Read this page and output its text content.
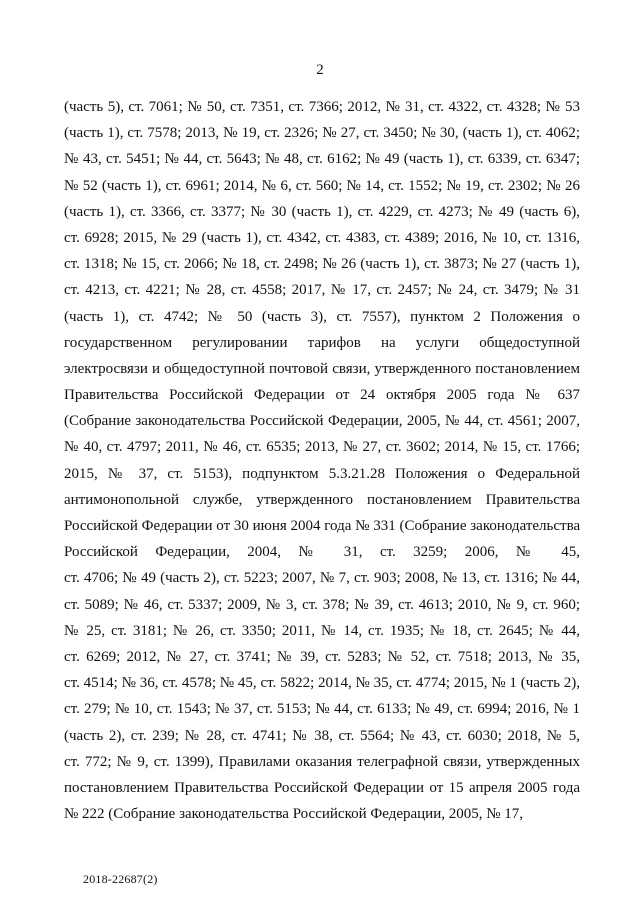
2
(часть 5), ст. 7061; № 50, ст. 7351, ст. 7366; 2012, № 31, ст. 4322, ст. 4328; № 53
(часть 1), ст. 7578; 2013, № 19, ст. 2326; № 27, ст. 3450; № 30, (часть 1), ст. 4062;
№ 43, ст. 5451; № 44, ст. 5643; № 48, ст. 6162; № 49 (часть 1), ст. 6339, ст. 6347;
№ 52 (часть 1), ст. 6961; 2014, № 6, ст. 560; № 14, ст. 1552; № 19, ст. 2302; № 26
(часть 1), ст. 3366, ст. 3377; № 30 (часть 1), ст. 4229, ст. 4273; № 49 (часть 6),
ст. 6928; 2015, № 29 (часть 1), ст. 4342, ст. 4383, ст. 4389; 2016, № 10, ст. 1316,
ст. 1318; № 15, ст. 2066; № 18, ст. 2498; № 26 (часть 1), ст. 3873; № 27 (часть 1),
ст. 4213, ст. 4221; № 28, ст. 4558; 2017, № 17, ст. 2457; № 24, ст. 3479; № 31
(часть 1), ст. 4742; № 50 (часть 3), ст. 7557), пунктом 2 Положения о
государственном регулировании тарифов на услуги общедоступной
электросвязи и общедоступной почтовой связи, утвержденного постановлением
Правительства Российской Федерации от 24 октября 2005 года № 637
(Собрание законодательства Российской Федерации, 2005, № 44, ст. 4561; 2007,
№ 40, ст. 4797; 2011, № 46, ст. 6535; 2013, № 27, ст. 3602; 2014, № 15, ст. 1766;
2015, № 37, ст. 5153), подпунктом 5.3.21.28 Положения о Федеральной
антимонопольной службе, утвержденного постановлением Правительства
Российской Федерации от 30 июня 2004 года № 331 (Собрание законодательства
Российской Федерации, 2004, № 31, ст. 3259; 2006, № 45,
ст. 4706; № 49 (часть 2), ст. 5223; 2007, № 7, ст. 903; 2008, № 13, ст. 1316; № 44,
ст. 5089; № 46, ст. 5337; 2009, № 3, ст. 378; № 39, ст. 4613; 2010, № 9, ст. 960;
№ 25, ст. 3181; № 26, ст. 3350; 2011, № 14, ст. 1935; № 18, ст. 2645; № 44,
ст. 6269; 2012, № 27, ст. 3741; № 39, ст. 5283; № 52, ст. 7518; 2013, № 35,
ст. 4514; № 36, ст. 4578; № 45, ст. 5822; 2014, № 35, ст. 4774; 2015, № 1 (часть 2),
ст. 279; № 10, ст. 1543; № 37, ст. 5153; № 44, ст. 6133; № 49, ст. 6994; 2016, № 1
(часть 2), ст. 239; № 28, ст. 4741; № 38, ст. 5564; № 43, ст. 6030; 2018, № 5,
ст. 772; № 9, ст. 1399), Правилами оказания телеграфной связи, утвержденных
постановлением Правительства Российской Федерации от 15 апреля 2005 года
№ 222 (Собрание законодательства Российской Федерации, 2005, № 17,
2018-22687(2)
